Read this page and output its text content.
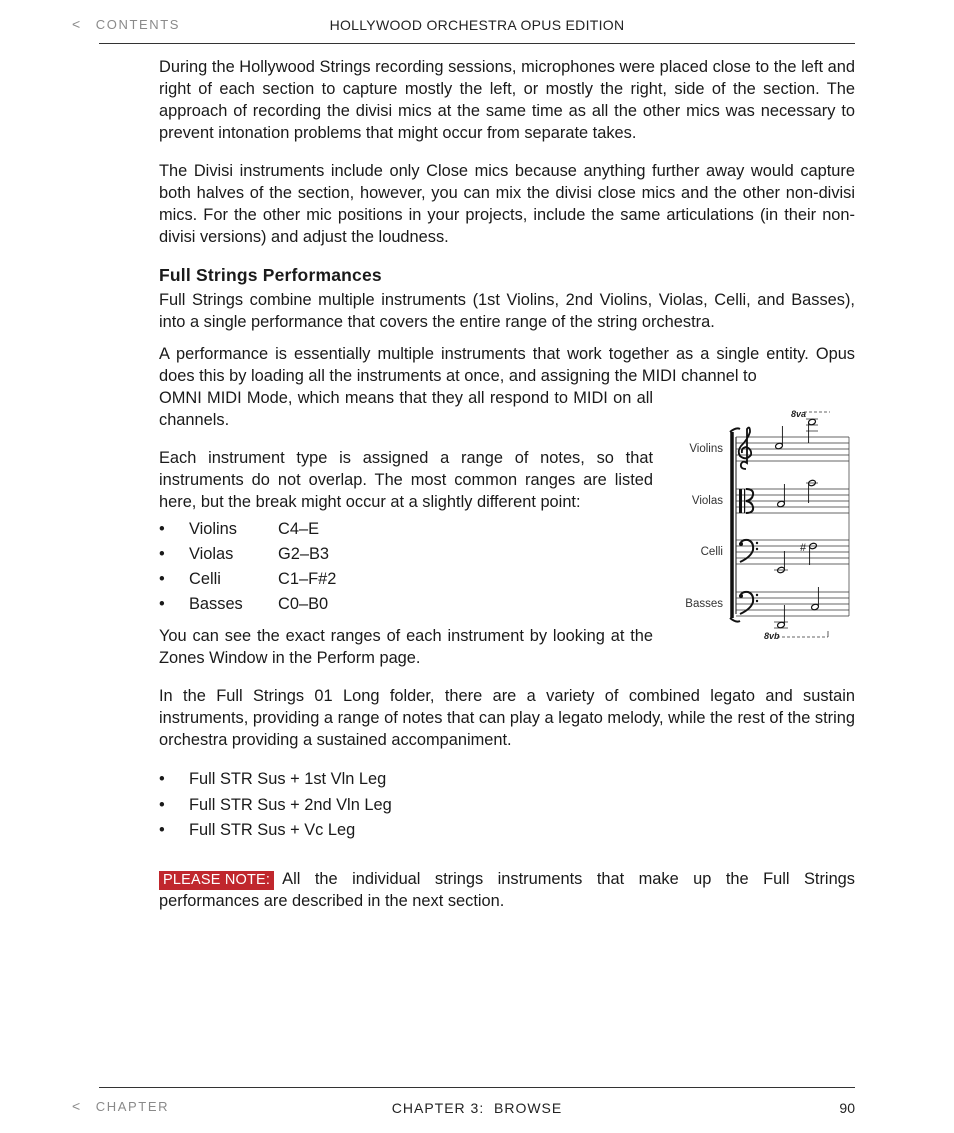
< CONTENTS	HOLLYWOOD ORCHESTRA OPUS EDITION

During the Hollywood Strings recording sessions, microphones were placed close to the left and right of each section to capture mostly the left, or mostly the right, side of the section. The approach of recording the divisi mics at the same time as all the other mics was necessary to prevent intonation problems that might occur from separate takes.

The Divisi instruments include only Close mics because anything further away would capture both halves of the section, however, you can mix the divisi close mics and the other non-divisi mics. For the other mic positions in your projects, include the same articulations (in their non-divisi versions) and adjust the loudness.

Full Strings Performances

Full Strings combine multiple instruments (1st Violins, 2nd Violins, Violas, Celli, and Basses), into a single performance that covers the entire range of the string orchestra.

A performance is essentially multiple instruments that work together as a single entity. Opus does this by loading all the instruments at once, and assigning the MIDI channel to

OMNI MIDI Mode, which means that they all respond to MIDI on all channels.

Each instrument type is assigned a range of notes, so that instruments do not overlap. The most common ranges are listed here, but the break might occur at a slightly different point:

•	Violins	C4–E
•	Violas	G2–B3
•	Celli	C1–F#2
•	Basses	C0–B0

You can see the exact ranges of each instrument by looking at the Zones Window in the Perform page.

In the Full Strings 01 Long folder, there are a variety of combined legato and sustain instruments, providing a range of notes that can play a legato melody, while the rest of the string orchestra providing a sustained accompaniment.

•	Full STR Sus + 1st Vln Leg
•	Full STR Sus + 2nd Vln Leg
•	Full STR Sus + Vc Leg

PLEASE NOTE: All the individual strings instruments that make up the Full Strings performances are described in the next section.

8va
Violins
Violas
Celli
Basses
#
8vb
< CHAPTER	CHAPTER 3:  BROWSE	90
